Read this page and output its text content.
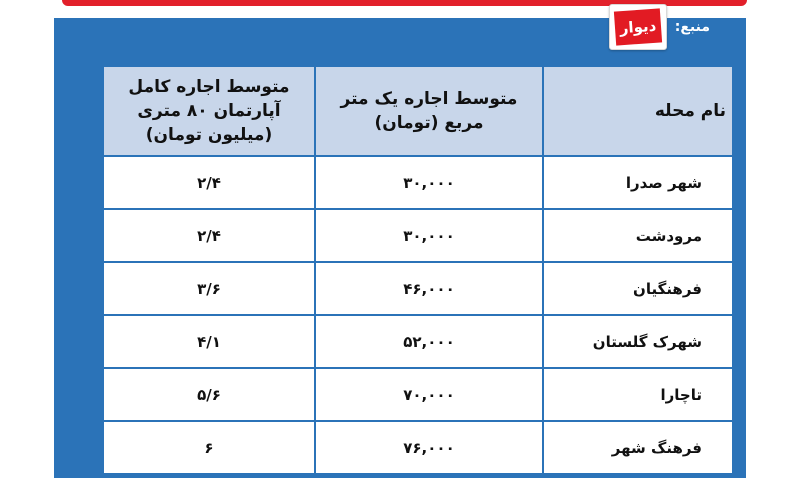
منبع:
دیوار
نام محله	متوسط اجاره یک متر مربع (تومان)	متوسط اجاره کامل آپارتمان ۸۰ متری (میلیون تومان)
شهر صدرا	۳۰,۰۰۰	۲/۴
مرودشت	۳۰,۰۰۰	۲/۴
فرهنگیان	۴۶,۰۰۰	۳/۶
شهرک گلستان	۵۲,۰۰۰	۴/۱
تاچارا	۷۰,۰۰۰	۵/۶
فرهنگ شهر	۷۶,۰۰۰	۶
